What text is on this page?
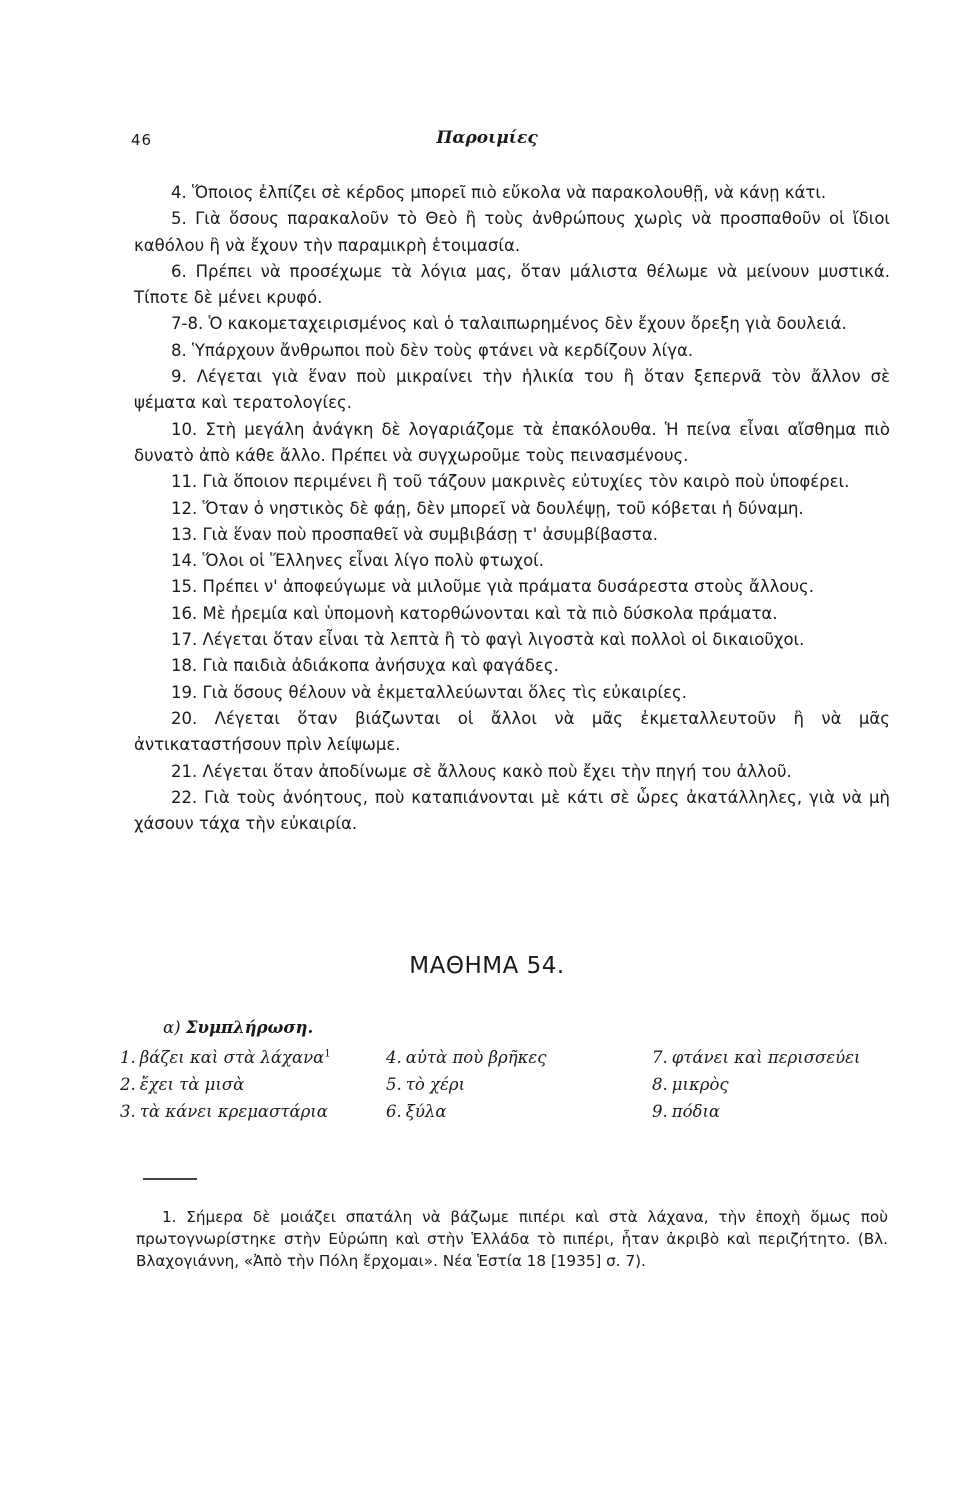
46	Παροιμίες

4. Ὅποιος ἐλπίζει σὲ κέρδος μπορεῖ πιὸ εὔκολα νὰ παρακολουθῇ, νὰ κάνῃ κάτι.

5. Γιὰ ὅσους παρακαλοῦν τὸ Θεὸ ἢ τοὺς ἀνθρώπους χωρὶς νὰ προσπαθοῦν οἱ ἴδιοι καθόλου ἢ νὰ ἔχουν τὴν παραμικρὴ ἑτοιμασία.

6. Πρέπει νὰ προσέχωμε τὰ λόγια μας, ὅταν μάλιστα θέλωμε νὰ μείνουν μυστικά. Τίποτε δὲ μένει κρυφό.

7-8. Ὁ κακομεταχειρισμένος καὶ ὁ ταλαιπωρημένος δὲν ἔχουν ὄρεξη γιὰ δουλειά.

8. Ὑπάρχουν ἄνθρωποι ποὺ δὲν τοὺς φτάνει νὰ κερδίζουν λίγα.

9. Λέγεται γιὰ ἕναν ποὺ μικραίνει τὴν ἡλικία του ἢ ὅταν ξεπερνᾶ τὸν ἄλλον σὲ ψέματα καὶ τερατολογίες.

10. Στὴ μεγάλη ἀνάγκη δὲ λογαριάζομε τὰ ἐπακόλουθα. Ἡ πείνα εἶναι αἴσθημα πιὸ δυνατὸ ἀπὸ κάθε ἄλλο. Πρέπει νὰ συγχωροῦμε τοὺς πεινασμένους.

11. Γιὰ ὅποιον περιμένει ἢ τοῦ τάζουν μακρινὲς εὐτυχίες τὸν καιρὸ ποὺ ὑποφέρει.

12. Ὅταν ὁ νηστικὸς δὲ φάῃ, δὲν μπορεῖ νὰ δουλέψῃ, τοῦ κόβεται ἡ δύναμη.

13. Γιὰ ἕναν ποὺ προσπαθεῖ νὰ συμβιβάσῃ τ' ἀσυμβίβαστα.

14. Ὅλοι οἱ Ἕλληνες εἶναι λίγο πολὺ φτωχοί.

15. Πρέπει ν' ἀποφεύγωμε νὰ μιλοῦμε γιὰ πράματα δυσάρεστα στοὺς ἄλλους.

16. Μὲ ἠρεμία καὶ ὑπομονὴ κατορθώνονται καὶ τὰ πιὸ δύσκολα πράματα.

17. Λέγεται ὅταν εἶναι τὰ λεπτὰ ἢ τὸ φαγὶ λιγοστὰ καὶ πολλοὶ οἱ δικαιοῦχοι.

18. Γιὰ παιδιὰ ἀδιάκοπα ἀνήσυχα καὶ φαγάδες.

19. Γιὰ ὅσους θέλουν νὰ ἐκμεταλλεύωνται ὅλες τὶς εὐκαιρίες.

20. Λέγεται ὅταν βιάζωνται οἱ ἄλλοι νὰ μᾶς ἐκμεταλλευτοῦν ἢ νὰ μᾶς ἀντικαταστήσουν πρὶν λείψωμε.

21. Λέγεται ὅταν ἀποδίνωμε σὲ ἄλλους κακὸ ποὺ ἔχει τὴν πηγή του ἀλλοῦ.

22. Γιὰ τοὺς ἀνόητους, ποὺ καταπιάνονται μὲ κάτι σὲ ὧρες ἀκατάλληλες, γιὰ νὰ μὴ χάσουν τάχα τὴν εὐκαιρία.

ΜΑΘΗΜΑ 54.
α) Συμπλήρωση.
1. βάζει καὶ στὰ λάχανα$^1$
2. ἔχει τὰ μισὰ
3. τὰ κάνει κρεμαστάρια
4. αὐτὰ ποὺ βρῆκες
5. τὸ χέρι
6. ξύλα
7. φτάνει καὶ περισσεύει
8. μικρὸς
9. πόδια

1. Σήμερα δὲ μοιάζει σπατάλη νὰ βάζωμε πιπέρι καὶ στὰ λάχανα, τὴν ἐποχὴ ὅμως ποὺ πρωτογνωρίστηκε στὴν Εὐρώπη καὶ στὴν Ἑλλάδα τὸ πιπέρι, ἦταν ἀκριβὸ καὶ περιζήτητο. (Βλ. Βλαχογιάννη, «Ἀπὸ τὴν Πόλη ἔρχομαι». Νέα Ἑστία 18 [1935] σ. 7).
